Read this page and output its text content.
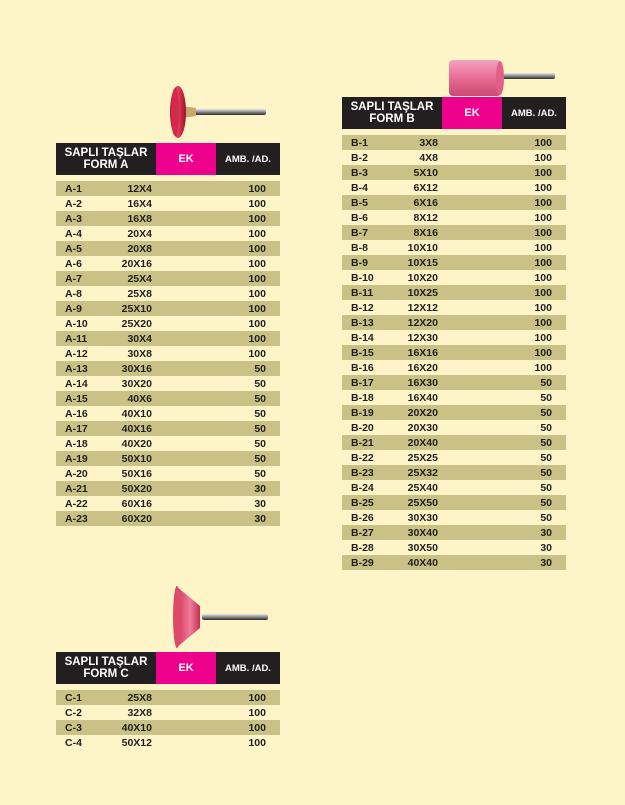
SAPLI TAŞLAR
FORM A	EK	AMB. /AD.
A-1	12X4	100
A-2	16X4	100
A-3	16X8	100
A-4	20X4	100
A-5	20X8	100
A-6	20X16	100
A-7	25X4	100
A-8	25X8	100
A-9	25X10	100
A-10	25X20	100
A-11	30X4	100
A-12	30X8	100
A-13	30X16	50
A-14	30X20	50
A-15	40X6	50
A-16	40X10	50
A-17	40X16	50
A-18	40X20	50
A-19	50X10	50
A-20	50X16	50
A-21	50X20	30
A-22	60X16	30
A-23	60X20	30
SAPLI TAŞLAR
FORM B	EK	AMB. /AD.
B-1	3X8	100
B-2	4X8	100
B-3	5X10	100
B-4	6X12	100
B-5	6X16	100
B-6	8X12	100
B-7	8X16	100
B-8	10X10	100
B-9	10X15	100
B-10	10X20	100
B-11	10X25	100
B-12	12X12	100
B-13	12X20	100
B-14	12X30	100
B-15	16X16	100
B-16	16X20	100
B-17	16X30	50
B-18	16X40	50
B-19	20X20	50
B-20	20X30	50
B-21	20X40	50
B-22	25X25	50
B-23	25X32	50
B-24	25X40	50
B-25	25X50	50
B-26	30X30	50
B-27	30X40	30
B-28	30X50	30
B-29	40X40	30
SAPLI TAŞLAR
FORM C	EK	AMB. /AD.
C-1	25X8	100
C-2	32X8	100
C-3	40X10	100
C-4	50X12	100
